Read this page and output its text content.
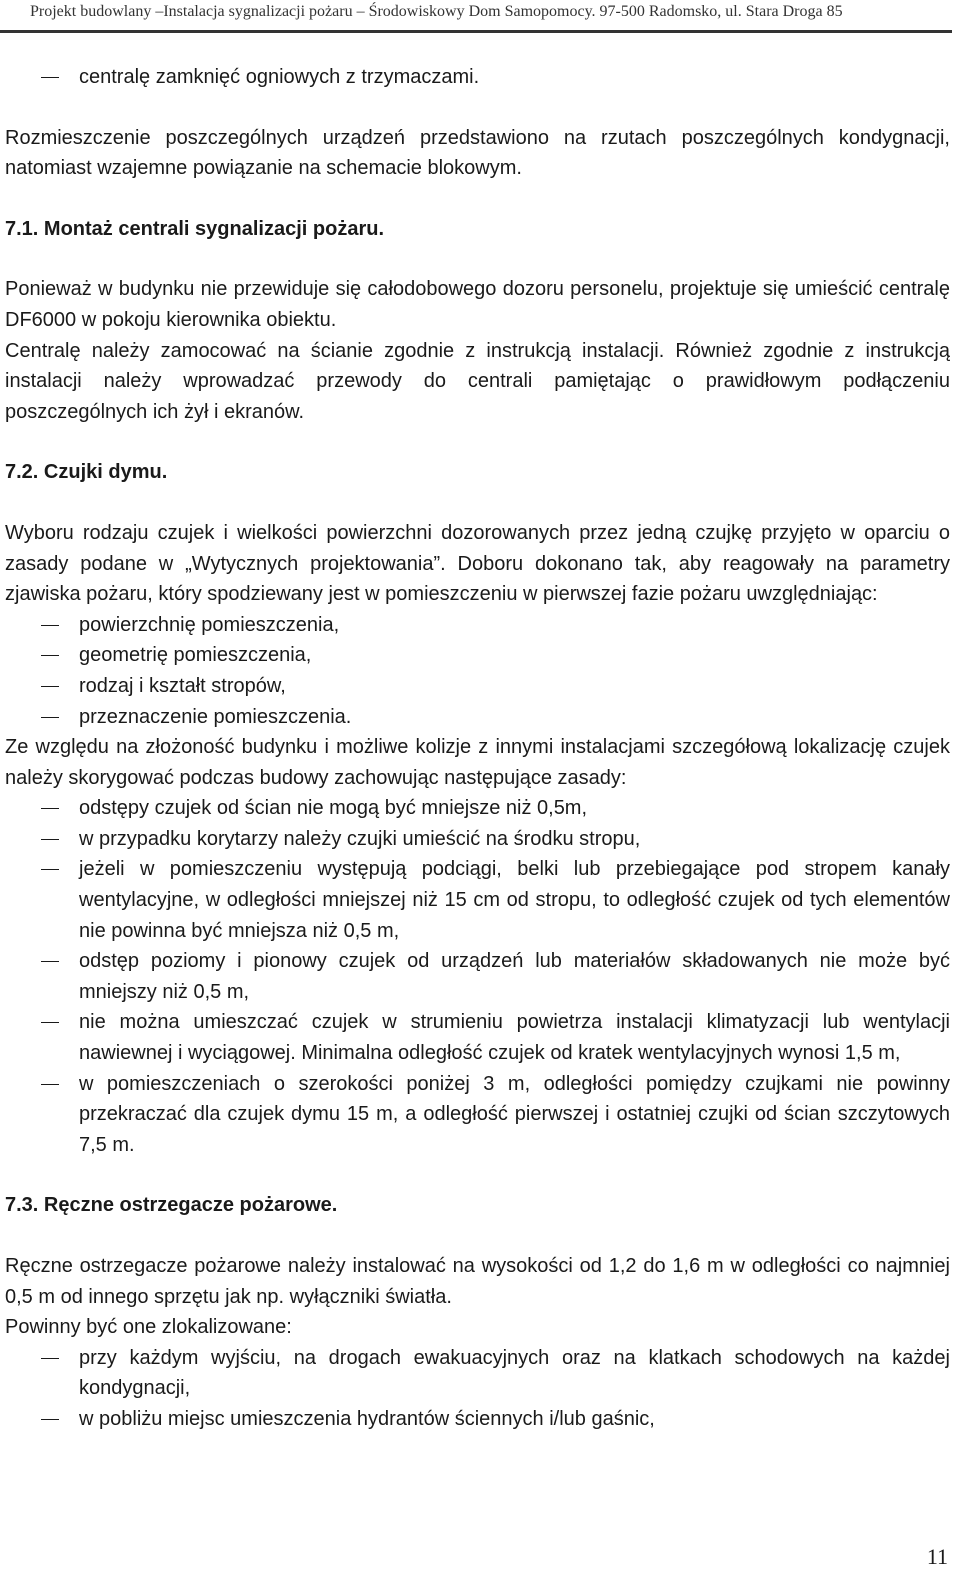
Projekt budowlany –Instalacja sygnalizacji pożaru – Środowiskowy Dom Samopomocy. 97-500 Radomsko, ul. Stara Droga 85
centralę zamknięć ogniowych z trzymaczami.

Rozmieszczenie poszczególnych urządzeń przedstawiono na rzutach poszczególnych kondygnacji, natomiast wzajemne powiązanie na schemacie blokowym.

7.1. Montaż centrali sygnalizacji pożaru.

Ponieważ w budynku nie przewiduje się całodobowego dozoru personelu, projektuje się umieścić centralę DF6000 w pokoju kierownika obiektu.

Centralę należy zamocować na ścianie zgodnie z instrukcją instalacji. Również zgodnie z instrukcją instalacji należy wprowadzać przewody do centrali pamiętając o prawidłowym podłączeniu poszczególnych ich żył i ekranów.

7.2. Czujki dymu.

Wyboru rodzaju czujek i wielkości powierzchni dozorowanych przez jedną czujkę przyjęto w oparciu o zasady podane w „Wytycznych projektowania”. Doboru dokonano tak, aby reagowały na parametry zjawiska pożaru, który spodziewany jest w pomieszczeniu w pierwszej fazie pożaru uwzględniając:

powierzchnię pomieszczenia,
geometrię pomieszczenia,
rodzaj i kształt stropów,
przeznaczenie pomieszczenia.

Ze względu na złożoność budynku i możliwe kolizje z innymi instalacjami szczegółową lokalizację czujek należy skorygować podczas budowy zachowując następujące zasady:

odstępy czujek od ścian nie mogą być mniejsze niż 0,5m,
w przypadku korytarzy należy czujki umieścić na środku stropu,
jeżeli w pomieszczeniu występują podciągi, belki lub przebiegające pod stropem kanały wentylacyjne, w odległości mniejszej niż 15 cm od stropu, to odległość czujek od tych elementów nie powinna być mniejsza niż 0,5 m,
odstęp poziomy i pionowy czujek od urządzeń lub materiałów składowanych nie może być mniejszy niż 0,5 m,
nie można umieszczać czujek w strumieniu powietrza instalacji klimatyzacji lub wentylacji nawiewnej i wyciągowej. Minimalna odległość czujek od kratek wentylacyjnych wynosi 1,5 m,
w pomieszczeniach o szerokości poniżej 3 m, odległości pomiędzy czujkami nie powinny przekraczać dla czujek dymu 15 m, a odległość pierwszej i ostatniej czujki od ścian szczytowych 7,5 m.
7.3. Ręczne ostrzegacze pożarowe.

Ręczne ostrzegacze pożarowe należy instalować na wysokości od 1,2 do 1,6 m w odległości co najmniej 0,5 m od innego sprzętu jak np. wyłączniki światła.

Powinny być one zlokalizowane:

przy każdym wyjściu, na drogach ewakuacyjnych oraz na klatkach schodowych na każdej kondygnacji,
w pobliżu miejsc umieszczenia hydrantów ściennych i/lub gaśnic,
11
